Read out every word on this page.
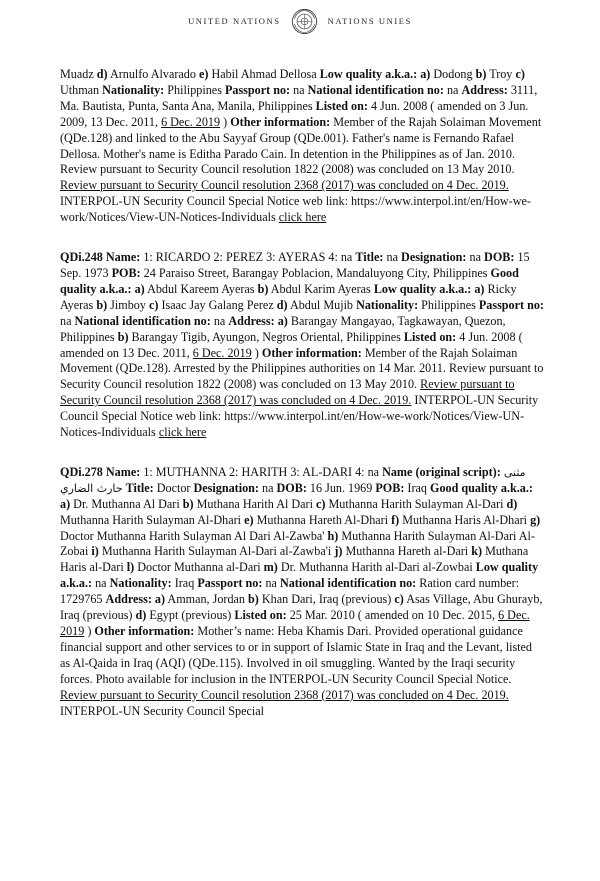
UNITED NATIONS	NATIONS UNIES
Muadz d) Arnulfo Alvarado e) Habil Ahmad Dellosa Low quality a.k.a.: a) Dodong b) Troy c) Uthman Nationality: Philippines Passport no: na National identification no: na Address: 3111, Ma. Bautista, Punta, Santa Ana, Manila, Philippines Listed on: 4 Jun. 2008 ( amended on 3 Jun. 2009, 13 Dec. 2011, 6 Dec. 2019 ) Other information: Member of the Rajah Solaiman Movement (QDe.128) and linked to the Abu Sayyaf Group (QDe.001). Father's name is Fernando Rafael Dellosa. Mother's name is Editha Parado Cain. In detention in the Philippines as of Jan. 2010. Review pursuant to Security Council resolution 1822 (2008) was concluded on 13 May 2010. Review pursuant to Security Council resolution 2368 (2017) was concluded on 4 Dec. 2019. INTERPOL-UN Security Council Special Notice web link: https://www.interpol.int/en/How-we-work/Notices/View-UN-Notices-Individuals click here
QDi.248 Name: 1: RICARDO 2: PEREZ 3: AYERAS 4: na Title: na Designation: na DOB: 15 Sep. 1973 POB: 24 Paraiso Street, Barangay Poblacion, Mandaluyong City, Philippines Good quality a.k.a.: a) Abdul Kareem Ayeras b) Abdul Karim Ayeras Low quality a.k.a.: a) Ricky Ayeras b) Jimboy c) Isaac Jay Galang Perez d) Abdul Mujib Nationality: Philippines Passport no: na National identification no: na Address: a) Barangay Mangayao, Tagkawayan, Quezon, Philippines b) Barangay Tigib, Ayungon, Negros Oriental, Philippines Listed on: 4 Jun. 2008 ( amended on 13 Dec. 2011, 6 Dec. 2019 ) Other information: Member of the Rajah Solaiman Movement (QDe.128). Arrested by the Philippines authorities on 14 Mar. 2011. Review pursuant to Security Council resolution 1822 (2008) was concluded on 13 May 2010. Review pursuant to Security Council resolution 2368 (2017) was concluded on 4 Dec. 2019. INTERPOL-UN Security Council Special Notice web link: https://www.interpol.int/en/How-we-work/Notices/View-UN-Notices-Individuals click here
QDi.278 Name: 1: MUTHANNA 2: HARITH 3: AL-DARI 4: na Name (original script): مثنى حارث الضاري Title: Doctor Designation: na DOB: 16 Jun. 1969 POB: Iraq Good quality a.k.a.: a) Dr. Muthanna Al Dari b) Muthana Harith Al Dari c) Muthanna Harith Sulayman Al-Dari d) Muthanna Harith Sulayman Al-Dhari e) Muthanna Hareth Al-Dhari f) Muthanna Haris Al-Dhari g) Doctor Muthanna Harith Sulayman Al Dari Al-Zawba' h) Muthanna Harith Sulayman Al-Dari Al-Zobai i) Muthanna Harith Sulayman Al-Dari al-Zawba'i j) Muthanna Hareth al-Dari k) Muthana Haris al-Dari l) Doctor Muthanna al-Dari m) Dr. Muthanna Harith al-Dari al-Zowbai Low quality a.k.a.: na Nationality: Iraq Passport no: na National identification no: Ration card number: 1729765 Address: a) Amman, Jordan b) Khan Dari, Iraq (previous) c) Asas Village, Abu Ghurayb, Iraq (previous) d) Egypt (previous) Listed on: 25 Mar. 2010 ( amended on 10 Dec. 2015, 6 Dec. 2019 ) Other information: Mother’s name: Heba Khamis Dari. Provided operational guidance financial support and other services to or in support of Islamic State in Iraq and the Levant, listed as Al-Qaida in Iraq (AQI) (QDe.115). Involved in oil smuggling. Wanted by the Iraqi security forces. Photo available for inclusion in the INTERPOL-UN Security Council Special Notice. Review pursuant to Security Council resolution 2368 (2017) was concluded on 4 Dec. 2019. INTERPOL-UN Security Council Special
